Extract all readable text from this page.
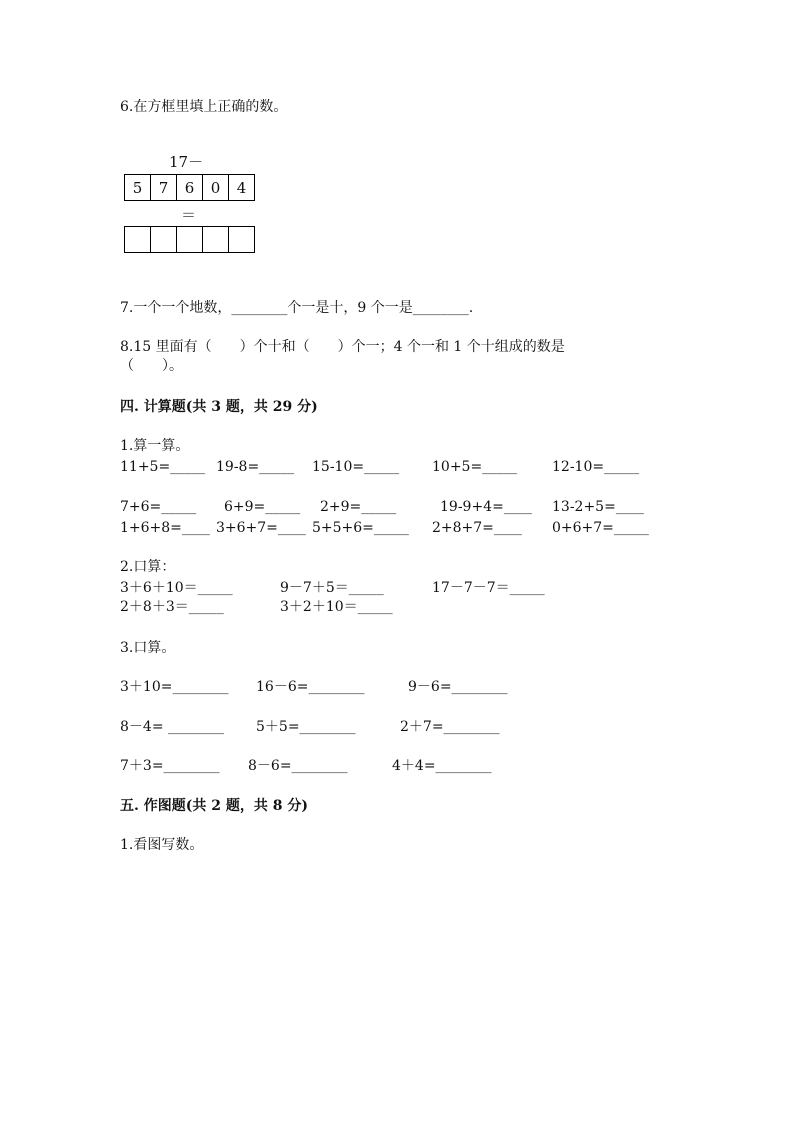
6.在方框里填上正确的数。
17－
5	7	6	0	4
＝
7.一个一个地数，________个一是十，9 个一是________.
8.15 里面有（　　）个十和（　　）个一；4 个一和 1 个十组成的数是
（　　）。
四. 计算题(共 3 题，共 29 分)
1.算一算。
11+5=_____ 19-8=_____ 15-10=_____ 10+5=_____ 12-10=_____
7+6=_____ 6+9=_____ 2+9=_____	19-9+4=____ 13-2+5=____
1+6+8=____ 3+6+7=____ 5+5+6=_____ 2+8+7=____ 0+6+7=_____
2.口算：
3＋6＋10＝_____	9－7＋5＝_____	17－7－7＝_____
2＋8＋3＝_____	3＋2＋10＝_____
3.口算。
3＋10=________ 16－6=________	9－6=________
8－4= ________ 5＋5=________	2＋7=________
7＋3=________ 8－6=________	4＋4=________
五. 作图题(共 2 题，共 8 分)
1.看图写数。
